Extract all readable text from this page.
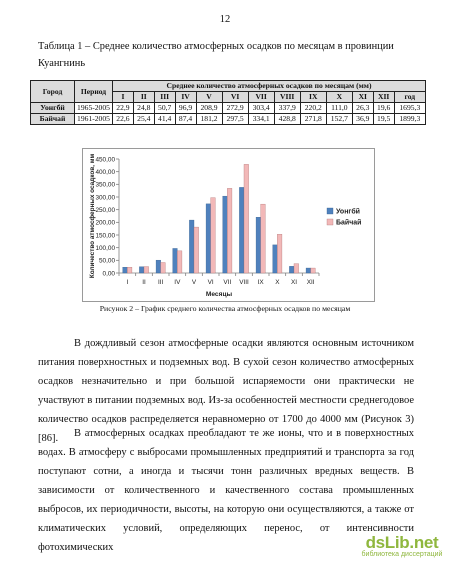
12
Таблица 1 – Среднее количество атмосферных осадков по месяцам в провинции Куангнинь
Город	Период	Среднее количество атмосферных осадков по месяцам (мм)												
		I	II	III	IV	V	VI	VII	VIII	IX	X	XI	XII	год
Уонгбй	1965-2005	22,9	24,8	50,7	96,9	208,9	272,9	303,4	337,9	220,2	111,0	26,3	19,6	1695,3
Байчай	1961-2005	22,6	25,4	41,4	87,4	181,2	297,5	334,1	428,8	271,8	152,7	36,9	19,5	1899,3
0,00
50,00
100,00
150,00
200,00
250,00
300,00
350,00
400,00
450,00
I II III IV V VI VII VIII IX X XI XII
Количество атмосферных осадков, мм
Месяцы
Уонгбй
Байчай
Рисунок 2 – График среднего количества атмосферных осадков по месяцам

В дождливый сезон атмосферные осадки являются основным источником питания поверхностных и подземных вод. В сухой сезон количество атмосферных осадков незначительно и при большой испаряемости они практически не участвуют в питании подземных вод. Из-за особенностей местности среднегодовое количество осадков распределяется неравномерно от 1700 до 4000 мм (Рисунок 3) [86].	В атмосферных осадках преобладают те же ионы, что и в поверхностных водах. В атмосферу с выбросами промышленных предприятий и транспорта за год поступают сотни, а иногда и тысячи тонн различных вредных веществ. В зависимости от количественного и качественного состава промышленных выбросов, их периодичности, высоты, на которую они осуществляются, а также от климатических условий, определяющих перенос, от интенсивности фотохимических	dsLib.net
библиотека диссертаций
